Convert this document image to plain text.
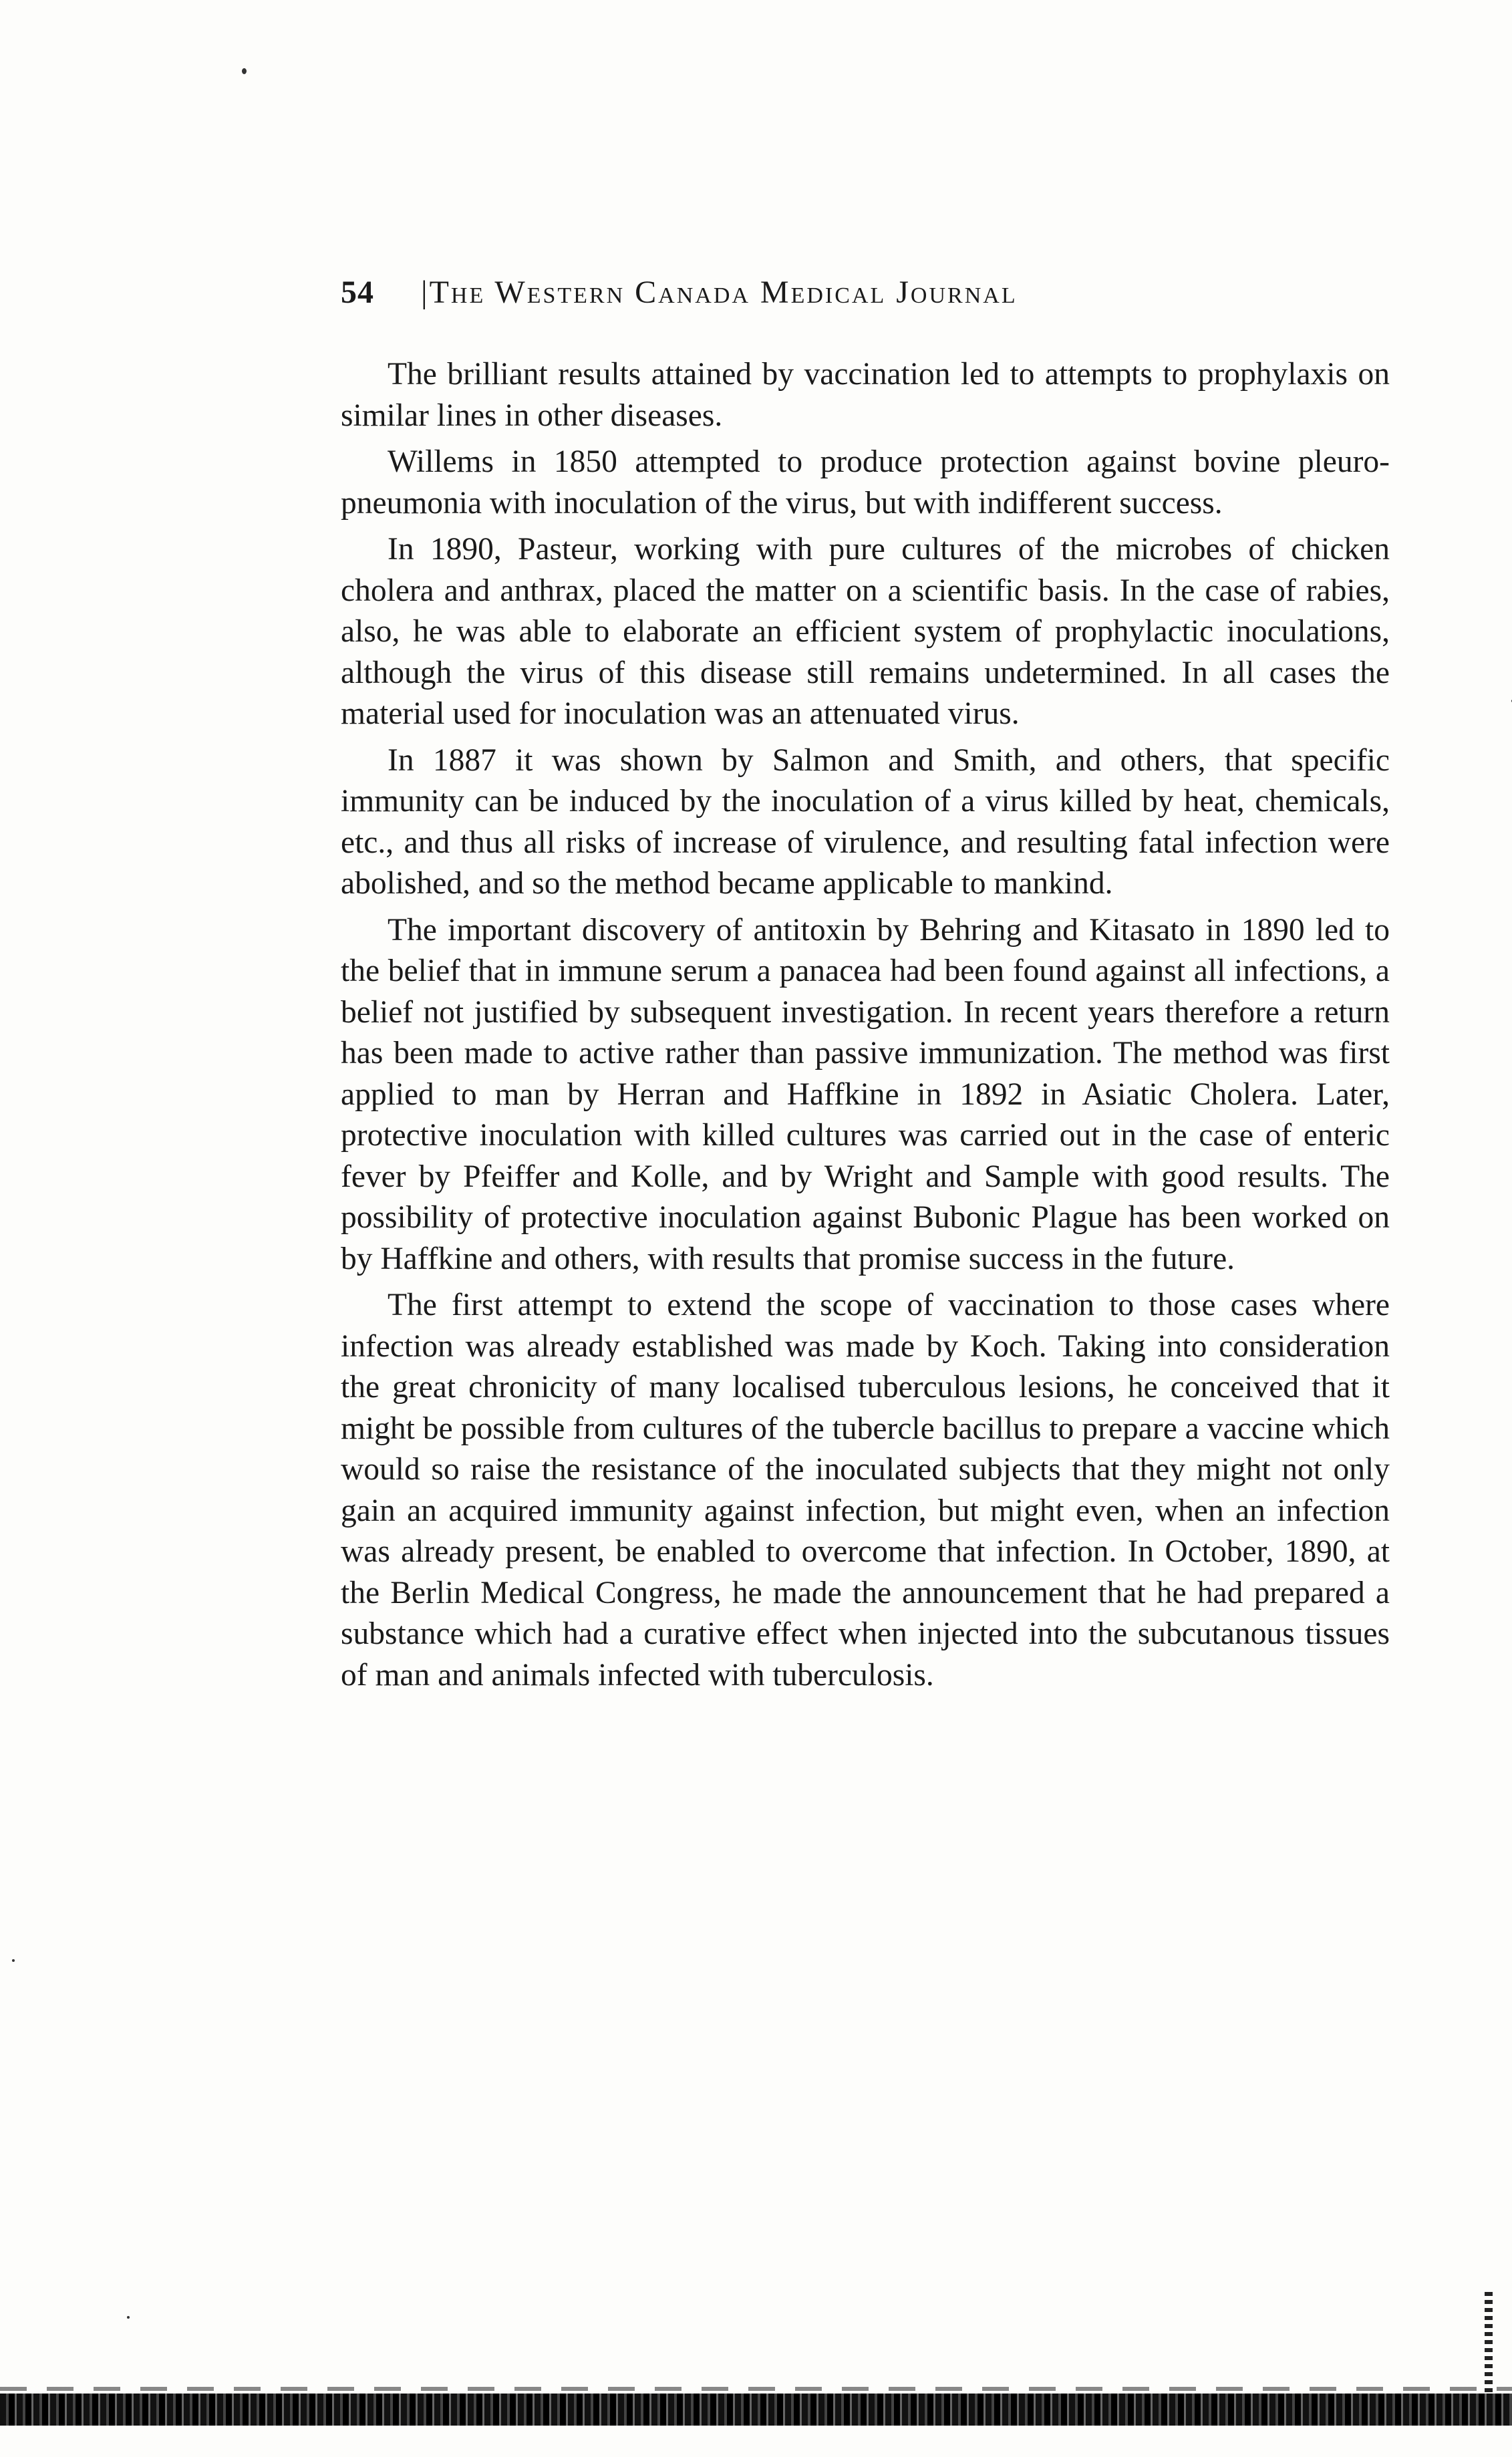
54	|The Western Canada Medical Journal

The brilliant results attained by vaccination led to attempts to prophylaxis on similar lines in other diseases.

Willems in 1850 attempted to produce protection against bovine pleuro-pneumonia with inoculation of the virus, but with indifferent success.

In 1890, Pasteur, working with pure cultures of the microbes of chicken cholera and anthrax, placed the matter on a scientific basis. In the case of rabies, also, he was able to elaborate an efficient system of prophylactic inoculations, although the virus of this disease still remains undetermined. In all cases the material used for inoculation was an attenuated virus.

In 1887 it was shown by Salmon and Smith, and others, that specific immunity can be induced by the inoculation of a virus killed by heat, chemicals, etc., and thus all risks of increase of virulence, and resulting fatal infection were abolished, and so the method became applicable to mankind.

The important discovery of antitoxin by Behring and Kitasato in 1890 led to the belief that in immune serum a panacea had been found against all infections, a belief not justified by subsequent investigation. In recent years therefore a return has been made to active rather than passive immunization. The method was first applied to man by Herran and Haffkine in 1892 in Asiatic Cholera. Later, protective inoculation with killed cultures was carried out in the case of enteric fever by Pfeiffer and Kolle, and by Wright and Sample with good results. The possibility of protective inoculation against Bubonic Plague has been worked on by Haffkine and others, with results that promise success in the future.

The first attempt to extend the scope of vaccination to those cases where infection was already established was made by Koch. Taking into consideration the great chronicity of many localised tuberculous lesions, he conceived that it might be possible from cultures of the tubercle bacillus to prepare a vaccine which would so raise the resistance of the inoculated subjects that they might not only gain an acquired immunity against infection, but might even, when an infection was already present, be enabled to overcome that infection. In October, 1890, at the Berlin Medical Congress, he made the announcement that he had prepared a substance which had a curative effect when injected into the subcutanous tissues of man and animals infected with tuberculosis.
